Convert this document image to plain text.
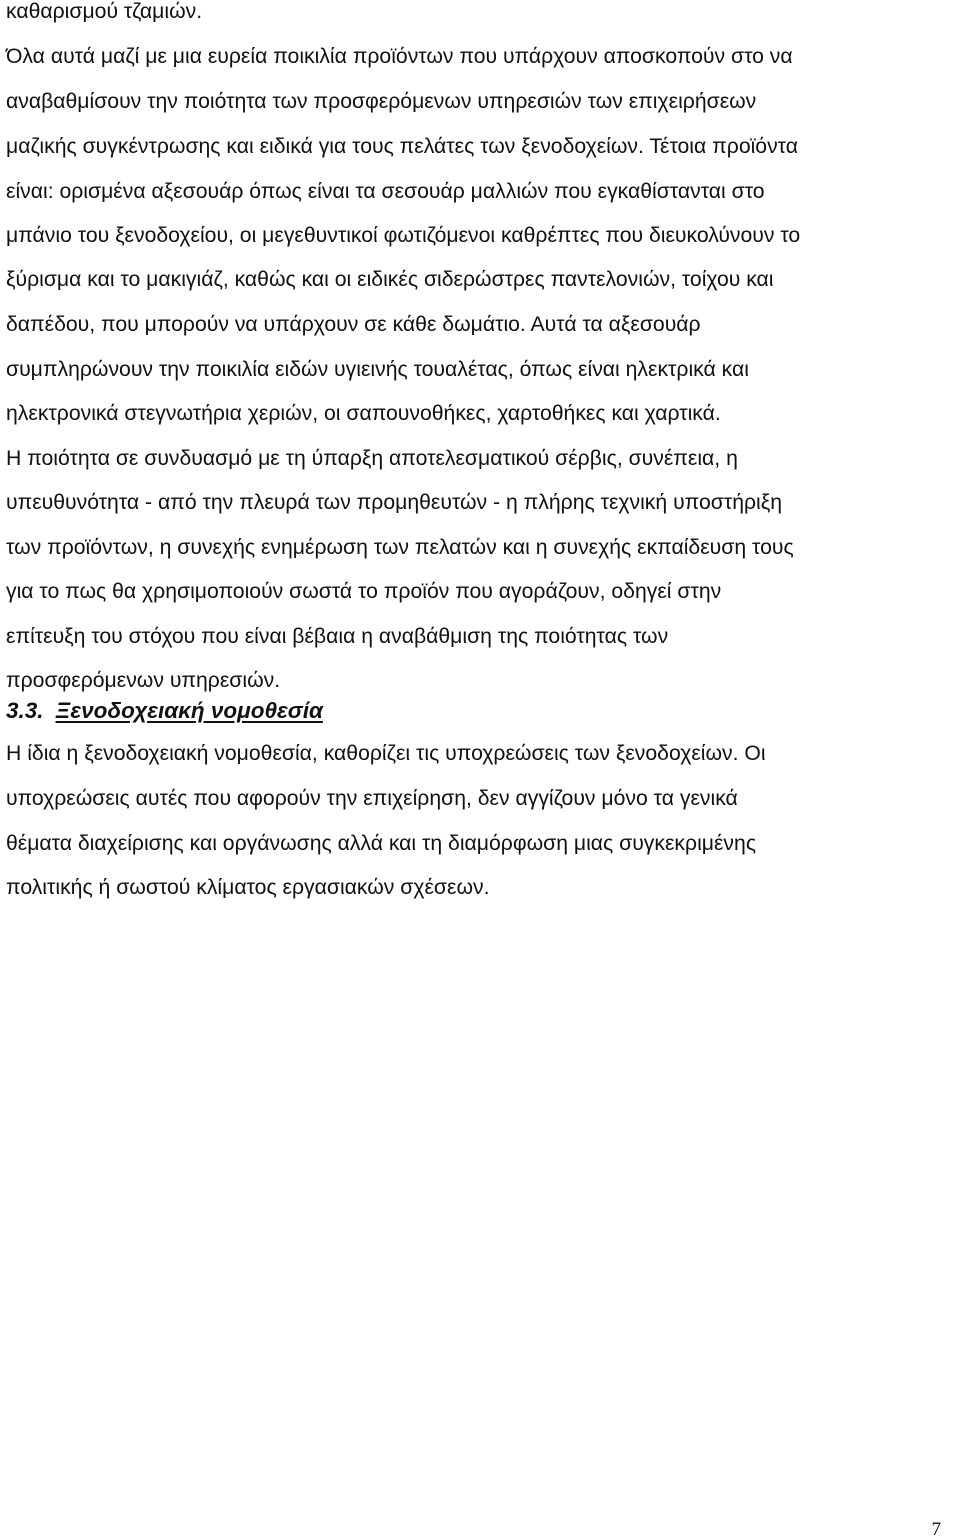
καθαρισμού τζαμιών.
Όλα αυτά μαζί με μια ευρεία ποικιλία προϊόντων που υπάρχουν αποσκοπούν στο να
αναβαθμίσουν την ποιότητα των προσφερόμενων υπηρεσιών των επιχειρήσεων
μαζικής συγκέντρωσης και ειδικά για τους πελάτες των ξενοδοχείων. Τέτοια προϊόντα
είναι: ορισμένα αξεσουάρ όπως είναι τα σεσουάρ μαλλιών που εγκαθίστανται στο
μπάνιο του ξενοδοχείου, οι μεγεθυντικοί φωτιζόμενοι καθρέπτες που διευκολύνουν το
ξύρισμα και το μακιγιάζ, καθώς και οι ειδικές σιδερώστρες παντελονιών, τοίχου και
δαπέδου, που μπορούν να υπάρχουν σε κάθε δωμάτιο. Αυτά τα αξεσουάρ
συμπληρώνουν την ποικιλία ειδών υγιεινής τουαλέτας, όπως είναι ηλεκτρικά και
ηλεκτρονικά στεγνωτήρια χεριών, οι σαπουνοθήκες, χαρτοθήκες και χαρτικά.
Η ποιότητα σε συνδυασμό με τη ύπαρξη αποτελεσματικού σέρβις, συνέπεια, η
υπευθυνότητα - από την πλευρά των προμηθευτών - η πλήρης τεχνική υποστήριξη
των προϊόντων, η συνεχής ενημέρωση των πελατών και η συνεχής εκπαίδευση τους
για το πως θα χρησιμοποιούν σωστά το προϊόν που αγοράζουν, οδηγεί στην
επίτευξη του στόχου που είναι βέβαια η αναβάθμιση της ποιότητας των
προσφερόμενων υπηρεσιών.
3.3. Ξενοδοχειακή νομοθεσία
Η ίδια η ξενοδοχειακή νομοθεσία, καθορίζει τις υποχρεώσεις των ξενοδοχείων. Οι
υποχρεώσεις αυτές που αφορούν την επιχείρηση, δεν αγγίζουν μόνο τα γενικά
θέματα διαχείρισης και οργάνωσης αλλά και τη διαμόρφωση μιας συγκεκριμένης
πολιτικής ή σωστού κλίματος εργασιακών σχέσεων.
7
